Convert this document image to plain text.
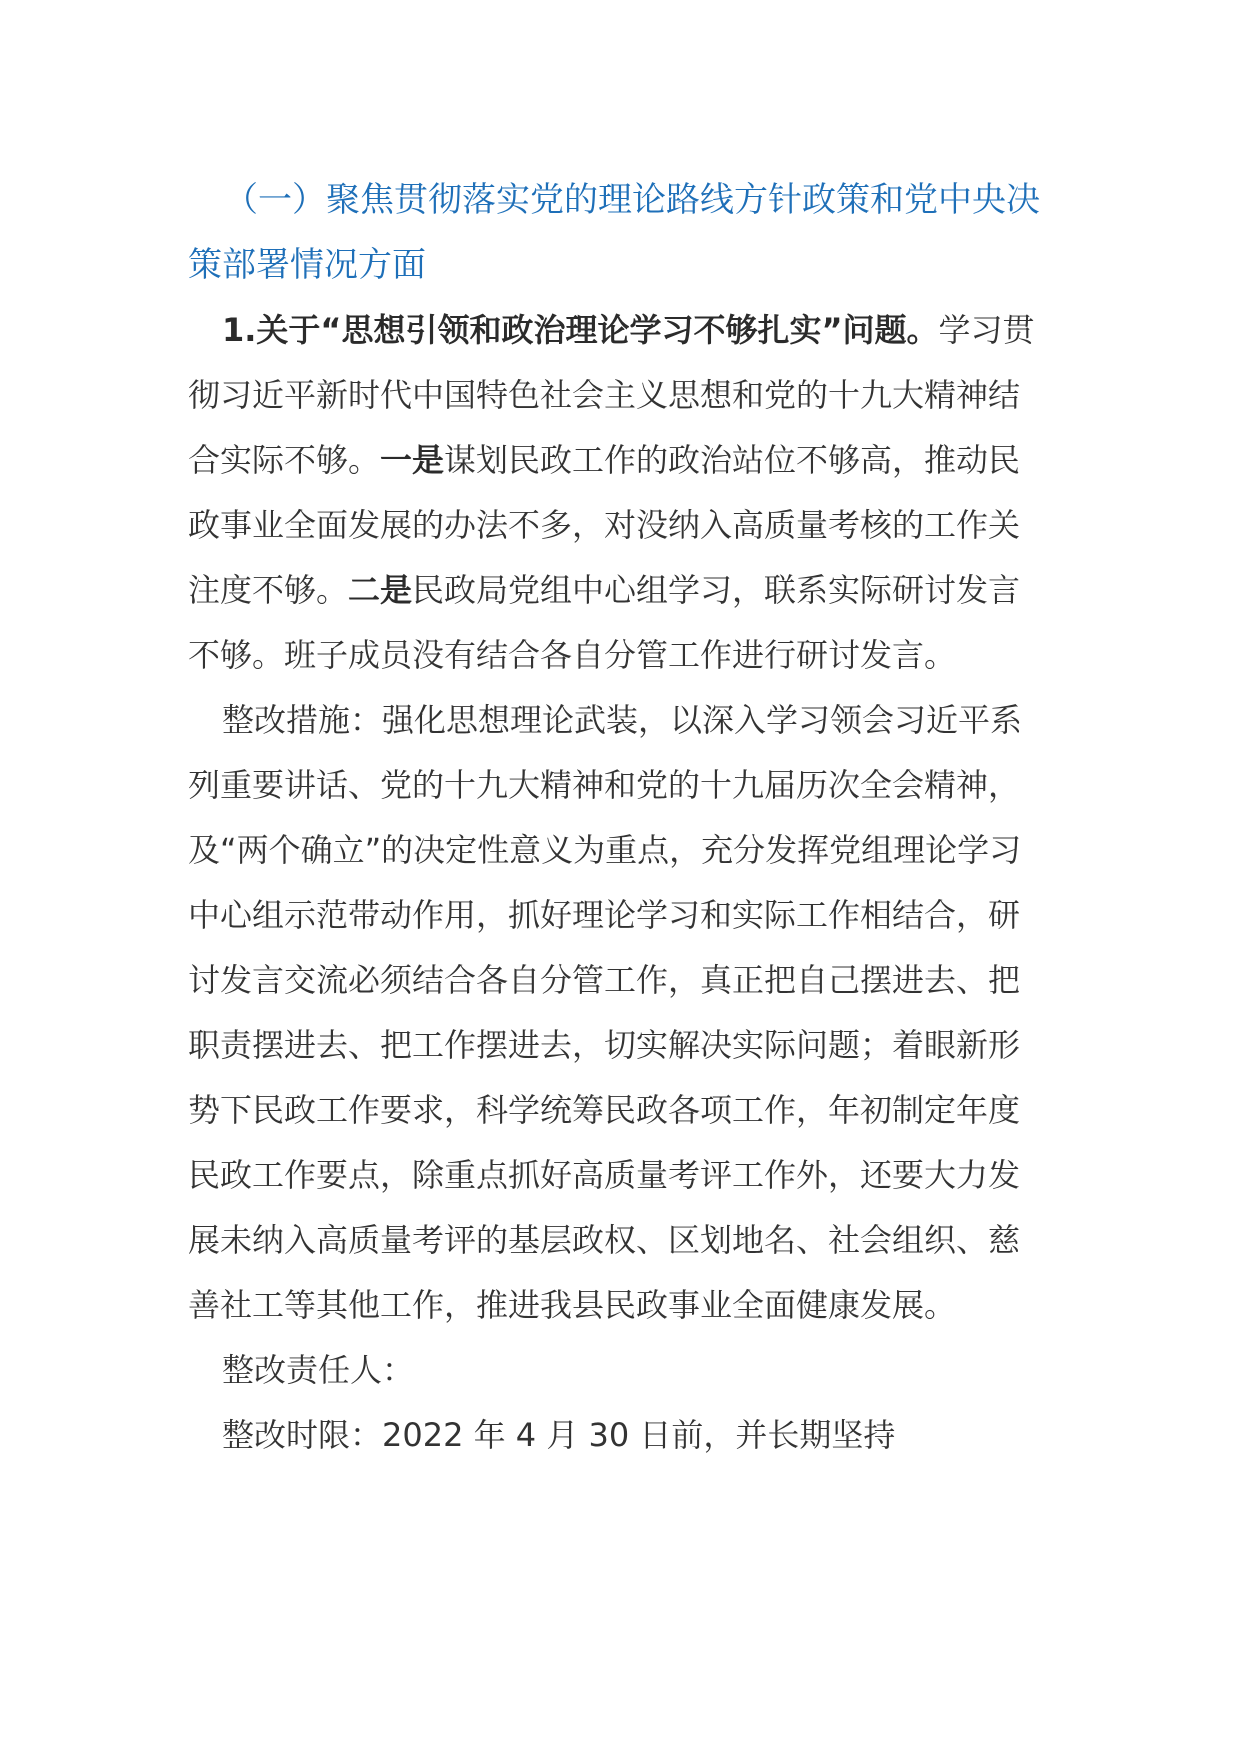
（一）聚焦贯彻落实党的理论路线方针政策和党中央决策部署情况方面

1.关于“思想引领和政治理论学习不够扎实”问题。学习贯彻习近平新时代中国特色社会主义思想和党的十九大精神结合实际不够。一是谋划民政工作的政治站位不够高，推动民政事业全面发展的办法不多，对没纳入高质量考核的工作关注度不够。二是民政局党组中心组学习，联系实际研讨发言不够。班子成员没有结合各自分管工作进行研讨发言。

整改措施：强化思想理论武装，以深入学习领会习近平系列重要讲话、党的十九大精神和党的十九届历次全会精神，及“两个确立”的决定性意义为重点，充分发挥党组理论学习中心组示范带动作用，抓好理论学习和实际工作相结合，研讨发言交流必须结合各自分管工作，真正把自己摆进去、把职责摆进去、把工作摆进去，切实解决实际问题；着眼新形势下民政工作要求，科学统筹民政各项工作，年初制定年度民政工作要点，除重点抓好高质量考评工作外，还要大力发展未纳入高质量考评的基层政权、区划地名、社会组织、慈善社工等其他工作，推进我县民政事业全面健康发展。

整改责任人：

整改时限：2022 年 4 月 30 日前，并长期坚持
